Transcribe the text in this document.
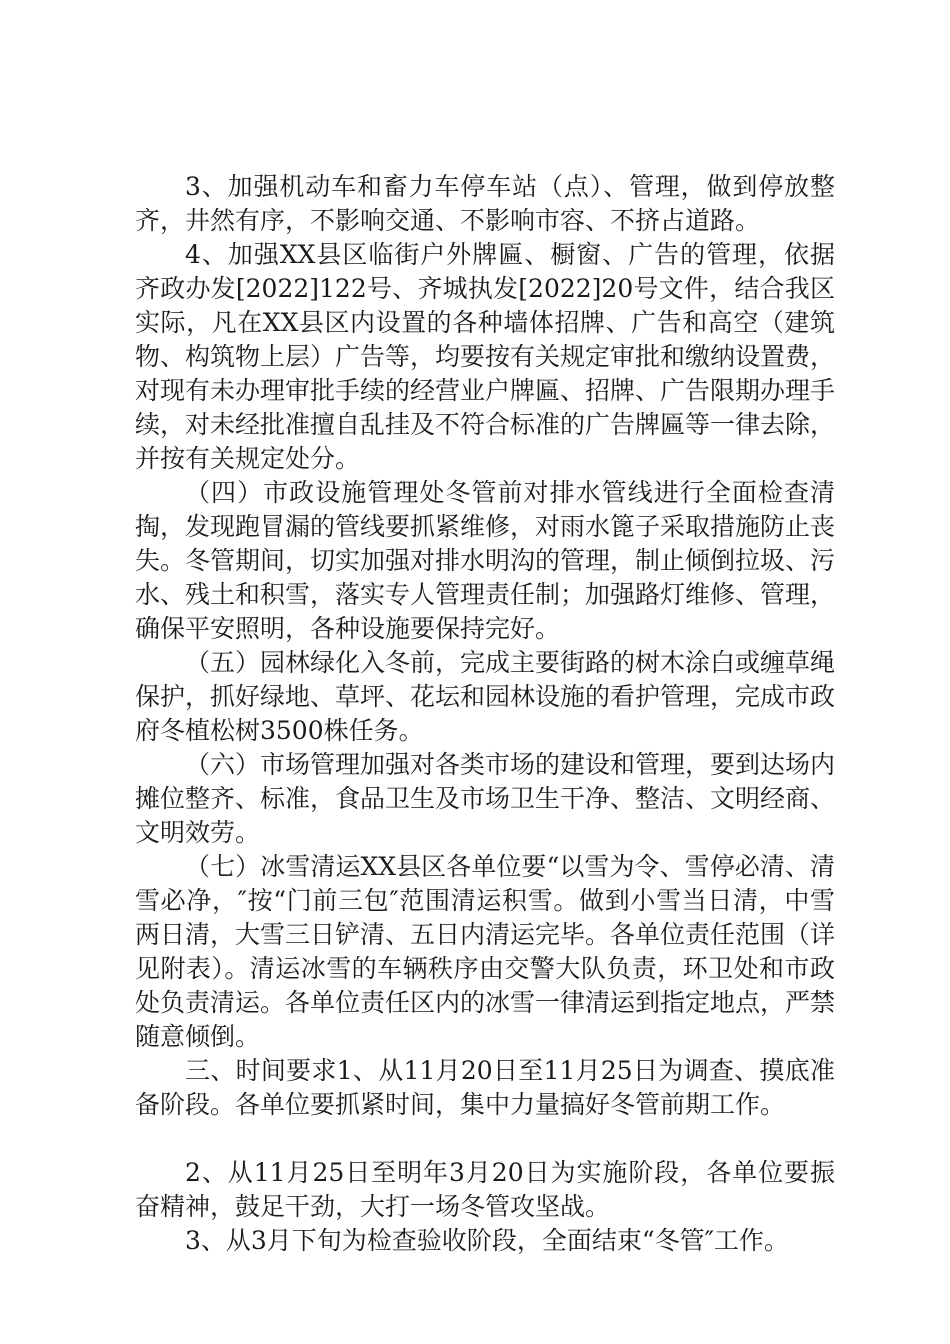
3、加强机动车和畜力车停车站（点）、管理，做到停放整齐，井然有序，不影响交通、不影响市容、不挤占道路。

4、加强XX县区临街户外牌匾、橱窗、广告的管理，依据齐政办发[2022]122号、齐城执发[2022]20号文件，结合我区实际，凡在XX县区内设置的各种墙体招牌、广告和高空（建筑物、构筑物上层）广告等，均要按有关规定审批和缴纳设置费，对现有未办理审批手续的经营业户牌匾、招牌、广告限期办理手续，对未经批准擅自乱挂及不符合标准的广告牌匾等一律去除，并按有关规定处分。

（四）市政设施管理处冬管前对排水管线进行全面检查清掏，发现跑冒漏的管线要抓紧维修，对雨水篦子采取措施防止丧失。冬管期间，切实加强对排水明沟的管理，制止倾倒拉圾、污水、残土和积雪，落实专人管理责任制；加强路灯维修、管理，确保平安照明，各种设施要保持完好。

（五）园林绿化入冬前，完成主要街路的树木涂白或缠草绳保护，抓好绿地、草坪、花坛和园林设施的看护管理，完成市政府冬植松树3500株任务。

（六）市场管理加强对各类市场的建设和管理，要到达场内摊位整齐、标准，食品卫生及市场卫生干净、整洁、文明经商、文明效劳。

（七）冰雪清运XX县区各单位要“以雪为令、雪停必清、清雪必净，″按“门前三包″范围清运积雪。做到小雪当日清，中雪两日清，大雪三日铲清、五日内清运完毕。各单位责任范围（详见附表）。清运冰雪的车辆秩序由交警大队负责，环卫处和市政处负责清运。各单位责任区内的冰雪一律清运到指定地点，严禁随意倾倒。

三、时间要求1、从11月20日至11月25日为调查、摸底准备阶段。各单位要抓紧时间，集中力量搞好冬管前期工作。

2、从11月25日至明年3月20日为实施阶段，各单位要振奋精神，鼓足干劲，大打一场冬管攻坚战。

3、从3月下旬为检查验收阶段，全面结束“冬管″工作。
